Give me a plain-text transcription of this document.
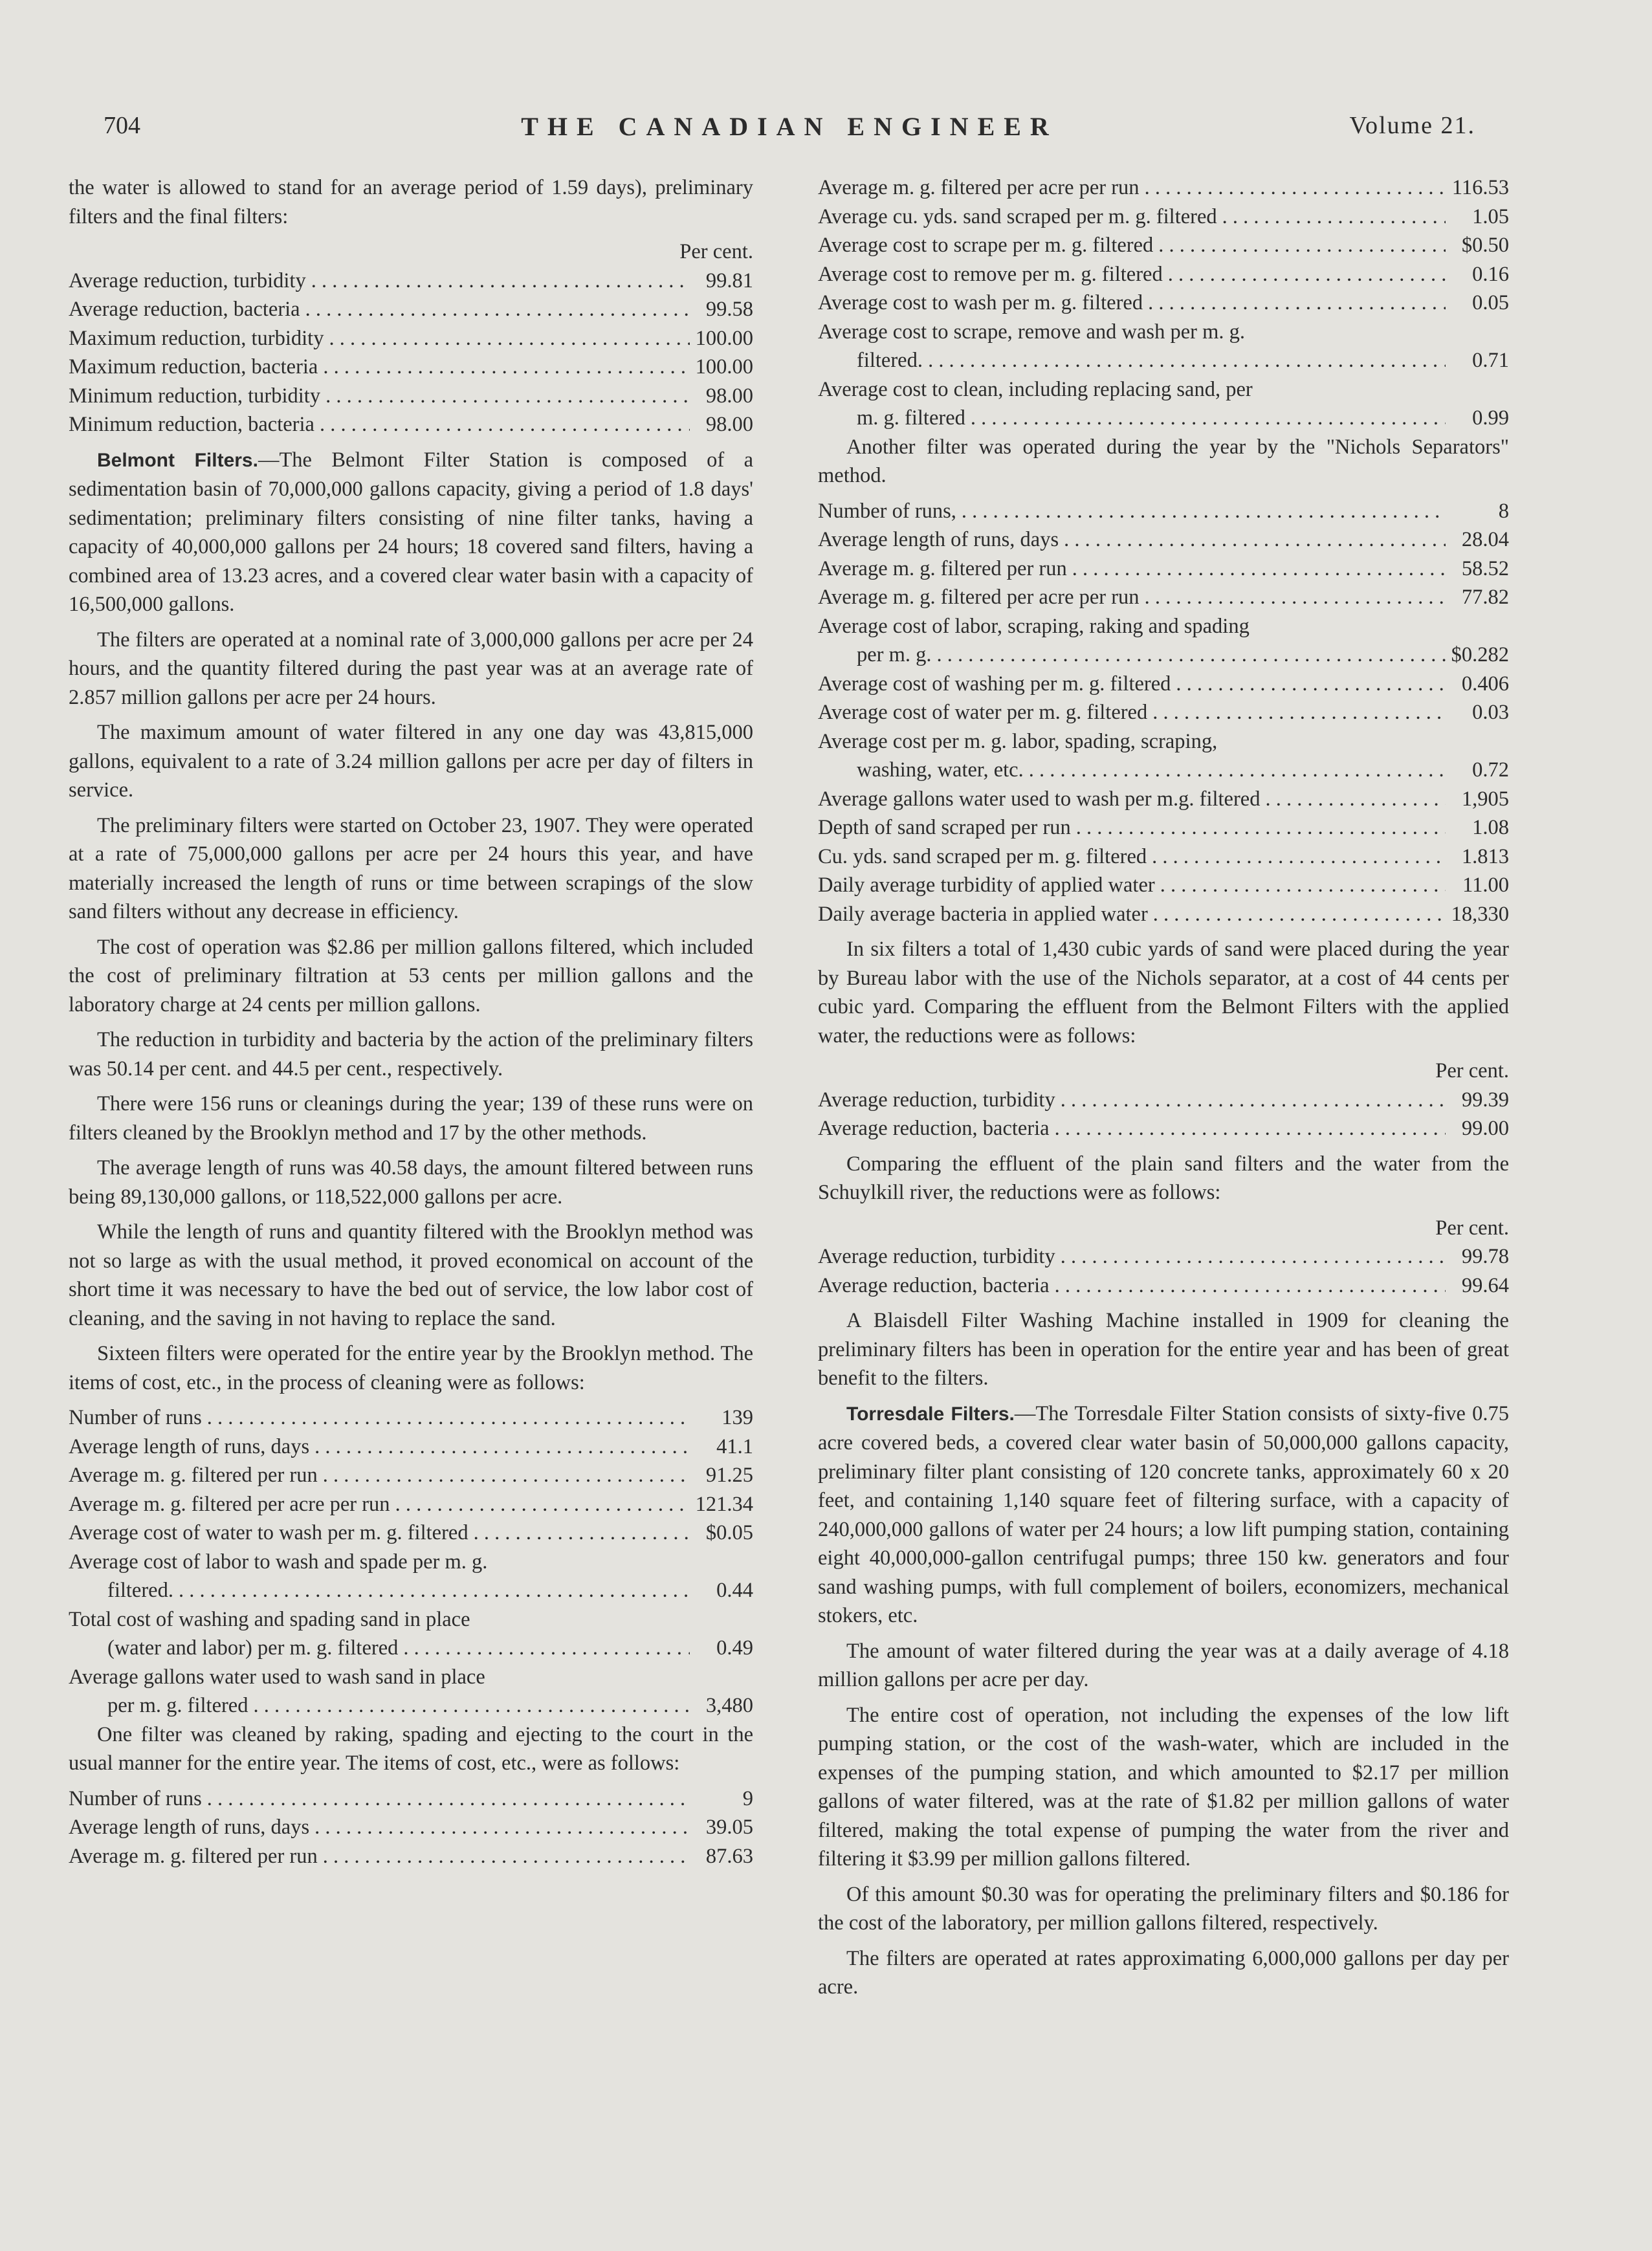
704	THE CANADIAN ENGINEER	Volume 21.

the water is allowed to stand for an average period of 1.59 days), preliminary filters and the final filters:

Per cent.

Average reduction, turbidity . . .	99.81
Average reduction, bacteria . . .	99.58
Maximum reduction, turbidity . . .	100.00
Maximum reduction, bacteria . . .	100.00
Minimum reduction, turbidity . . .	98.00
Minimum reduction, bacteria . . .	98.00

Belmont Filters.—The Belmont Filter Station is composed of a sedimentation basin of 70,000,000 gallons capacity, giving a period of 1.8 days' sedimentation; preliminary filters consisting of nine filter tanks, having a capacity of 40,000,000 gallons per 24 hours; 18 covered sand filters, having a combined area of 13.23 acres, and a covered clear water basin with a capacity of 16,500,000 gallons.

The filters are operated at a nominal rate of 3,000,000 gallons per acre per 24 hours, and the quantity filtered during the past year was at an average rate of 2.857 million gallons per acre per 24 hours.

The maximum amount of water filtered in any one day was 43,815,000 gallons, equivalent to a rate of 3.24 million gallons per acre per day of filters in service.

The preliminary filters were started on October 23, 1907. They were operated at a rate of 75,000,000 gallons per acre per 24 hours this year, and have materially increased the length of runs or time between scrapings of the slow sand filters without any decrease in efficiency.

The cost of operation was $2.86 per million gallons filtered, which included the cost of preliminary filtration at 53 cents per million gallons and the laboratory charge at 24 cents per million gallons.

The reduction in turbidity and bacteria by the action of the preliminary filters was 50.14 per cent. and 44.5 per cent., respectively.

There were 156 runs or cleanings during the year; 139 of these runs were on filters cleaned by the Brooklyn method and 17 by the other methods.

The average length of runs was 40.58 days, the amount filtered between runs being 89,130,000 gallons, or 118,522,000 gallons per acre.

While the length of runs and quantity filtered with the Brooklyn method was not so large as with the usual method, it proved economical on account of the short time it was necessary to have the bed out of service, the low labor cost of cleaning, and the saving in not having to replace the sand.

Sixteen filters were operated for the entire year by the Brooklyn method. The items of cost, etc., in the process of cleaning were as follows:

Number of runs . . .	139
Average length of runs, days . . .	41.1
Average m. g. filtered per run . . .	91.25
Average m. g. filtered per acre per run . . .	121.34
Average cost of water to wash per m. g. filtered . . .	$0.05
Average cost of labor to wash and spade per m. g.
filtered. . . .	0.44
Total cost of washing and spading sand in place
(water and labor) per m. g. filtered . . .	0.49
Average gallons water used to wash sand in place
per m. g. filtered . . .	3,480

One filter was cleaned by raking, spading and ejecting to the court in the usual manner for the entire year. The items of cost, etc., were as follows:

Number of runs . . .	9
Average length of runs, days . . .	39.05
Average m. g. filtered per run . . .	87.63
Average m. g. filtered per acre per run . . .	116.53
Average cu. yds. sand scraped per m. g. filtered . . .	1.05
Average cost to scrape per m. g. filtered . . .	$0.50
Average cost to remove per m. g. filtered . . .	0.16
Average cost to wash per m. g. filtered . . .	0.05
Average cost to scrape, remove and wash per m. g.
filtered. . . . . .	0.71
Average cost to clean, including replacing sand, per
m. g. filtered . . .	0.99

Another filter was operated during the year by the "Nichols Separators" method.

Number of runs, . . .	8
Average length of runs, days . . .	28.04
Average m. g. filtered per run . . .	58.52
Average m. g. filtered per acre per run . . .	77.82
Average cost of labor, scraping, raking and spading
per m. g. . . .	$0.282
Average cost of washing per m. g. filtered . . .	0.406
Average cost of water per m. g. filtered . . .	0.03
Average cost per m. g. labor, spading, scraping,
washing, water, etc. . . .	0.72
Average gallons water used to wash per m.g. filtered . . .	1,905
Depth of sand scraped per run . . .	1.08
Cu. yds. sand scraped per m. g. filtered . . .	1.813
Daily average turbidity of applied water . . .	11.00
Daily average bacteria in applied water . . .	18,330

In six filters a total of 1,430 cubic yards of sand were placed during the year by Bureau labor with the use of the Nichols separator, at a cost of 44 cents per cubic yard. Comparing the effluent from the Belmont Filters with the applied water, the reductions were as follows:

Per cent.

Average reduction, turbidity . . .	99.39
Average reduction, bacteria . . .	99.00

Comparing the effluent of the plain sand filters and the water from the Schuylkill river, the reductions were as follows:

Per cent.

Average reduction, turbidity . . .	99.78
Average reduction, bacteria . . .	99.64

A Blaisdell Filter Washing Machine installed in 1909 for cleaning the preliminary filters has been in operation for the entire year and has been of great benefit to the filters.

Torresdale Filters.—The Torresdale Filter Station consists of sixty-five 0.75 acre covered beds, a covered clear water basin of 50,000,000 gallons capacity, preliminary filter plant consisting of 120 concrete tanks, approximately 60 x 20 feet, and containing 1,140 square feet of filtering surface, with a capacity of 240,000,000 gallons of water per 24 hours; a low lift pumping station, containing eight 40,000,000-gallon centrifugal pumps; three 150 kw. generators and four sand washing pumps, with full complement of boilers, economizers, mechanical stokers, etc.

The amount of water filtered during the year was at a daily average of 4.18 million gallons per acre per day.

The entire cost of operation, not including the expenses of the low lift pumping station, or the cost of the wash-water, which are included in the expenses of the pumping station, and which amounted to $2.17 per million gallons of water filtered, was at the rate of $1.82 per million gallons of water filtered, making the total expense of pumping the water from the river and filtering it $3.99 per million gallons filtered.

Of this amount $0.30 was for operating the preliminary filters and $0.186 for the cost of the laboratory, per million gallons filtered, respectively.

The filters are operated at rates approximating 6,000,000 gallons per day per acre.
